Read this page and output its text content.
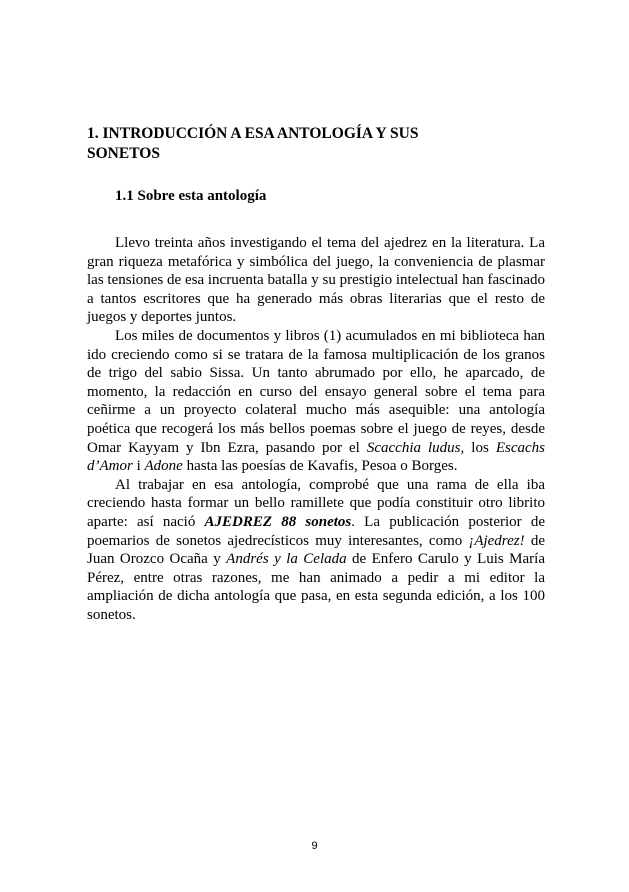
1. INTRODUCCIÓN A ESA ANTOLOGÍA Y SUS
SONETOS
1.1 Sobre esta antología

Llevo treinta años investigando el tema del ajedrez en la literatura. La gran riqueza metafórica y simbólica del juego, la conveniencia de plasmar las tensiones de esa incruenta batalla y su prestigio intelectual han fascinado a tantos escritores que ha generado más obras literarias que el resto de juegos y deportes juntos.

Los miles de documentos y libros (1) acumulados en mi biblioteca han ido creciendo como si se tratara de la famosa multiplicación de los granos de trigo del sabio Sissa. Un tanto abrumado por ello, he aparcado, de momento, la redacción en curso del ensayo general sobre el tema para ceñirme a un proyecto colateral mucho más asequible: una antología poética que recogerá los más bellos poemas sobre el juego de reyes, desde Omar Kayyam y Ibn Ezra, pasando por el Scacchia ludus, los Escachs d’Amor i Adone hasta las poesías de Kavafis, Pesoa o Borges.

Al trabajar en esa antología, comprobé que una rama de ella iba creciendo hasta formar un bello ramillete que podía constituir otro librito aparte: así nació AJEDREZ 88 sonetos. La publicación posterior de poemarios de sonetos ajedrecísticos muy interesantes, como ¡Ajedrez! de Juan Orozco Ocaña y Andrés y la Celada de Enfero Carulo y Luis María Pérez, entre otras razones, me han animado a pedir a mi editor la ampliación de dicha antología que pasa, en esta segunda edición, a los 100 sonetos.

9
